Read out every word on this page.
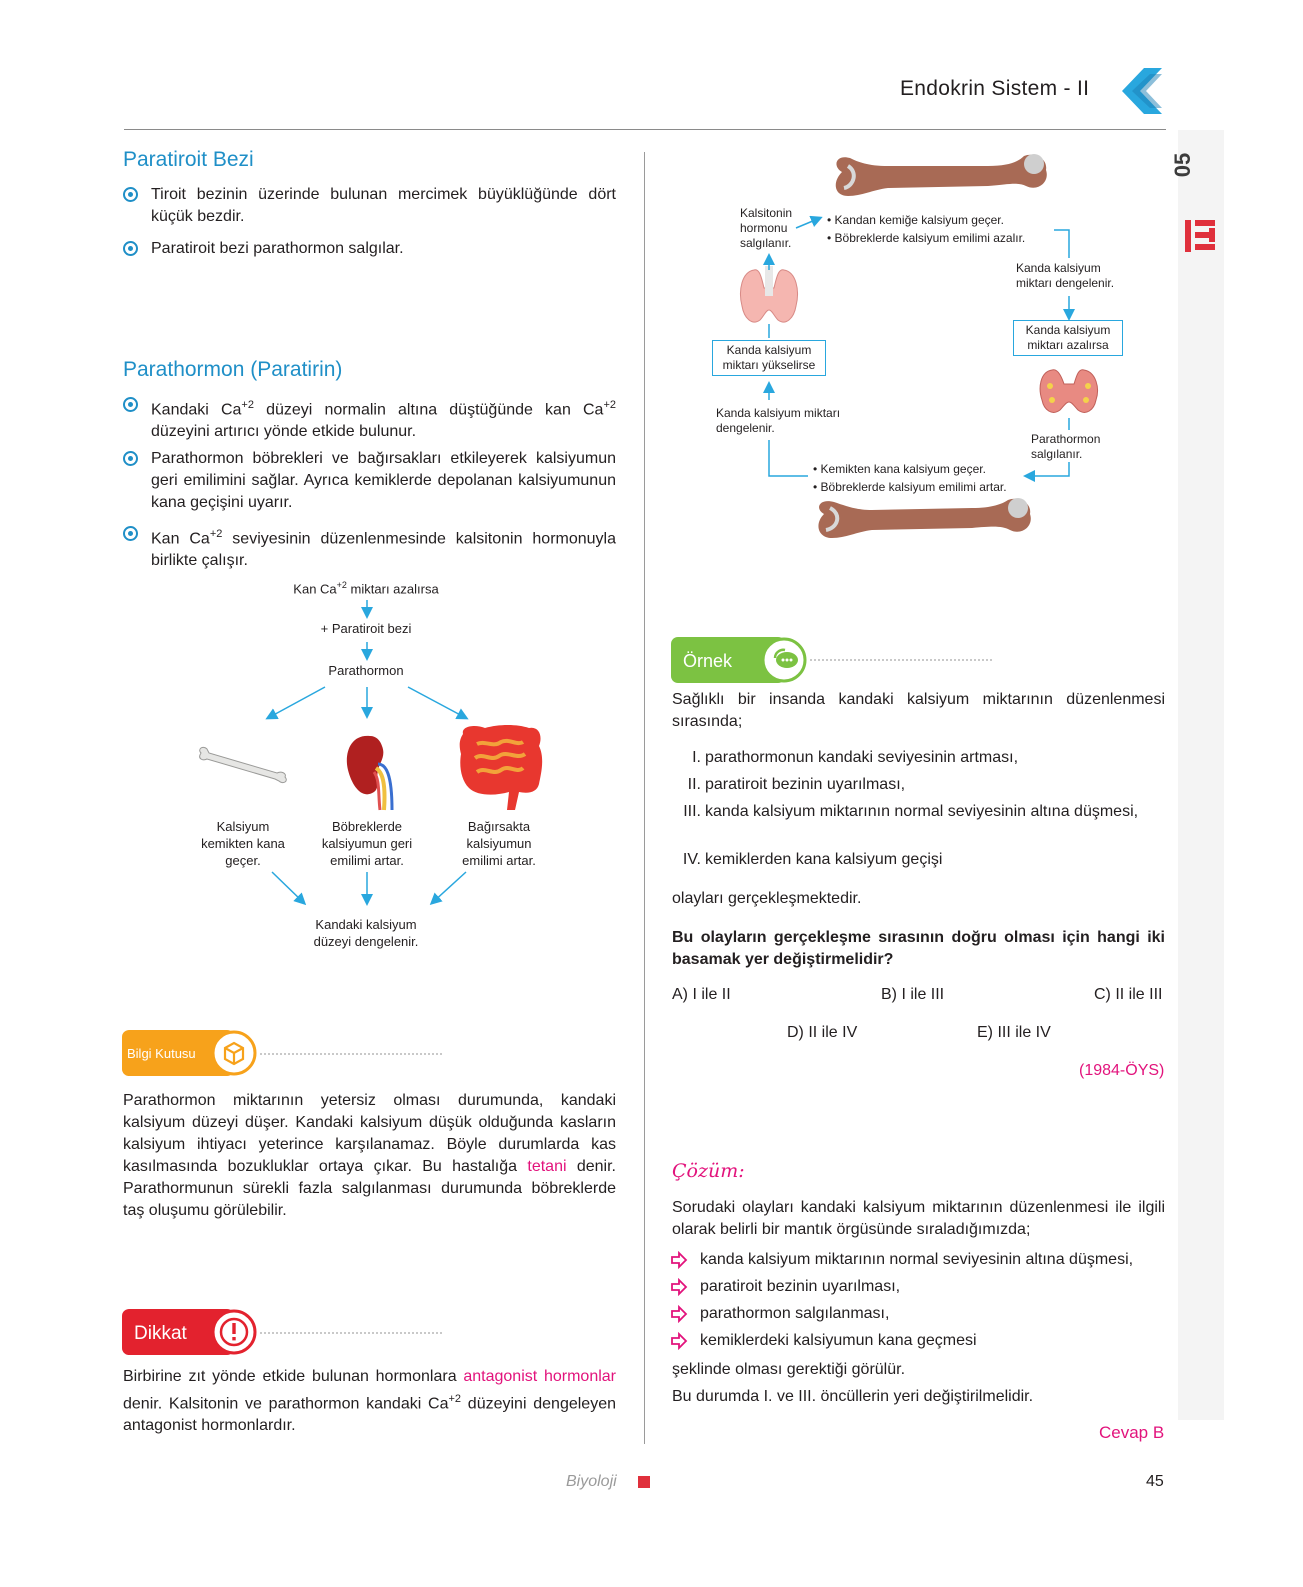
Endokrin Sistem - II
05
Paratiroit Bezi
Tiroit bezinin üzerinde bulunan mercimek büyüklüğünde dört küçük bezdir.
Paratiroit bezi parathormon salgılar.
Parathormon (Paratirin)
Kandaki $Ca^{+2}$ düzeyi normalin altına düştüğünde kan $Ca^{+2}$ düzeyini artırıcı yönde etkide bulunur.
Parathormon böbrekleri ve bağırsakları etkileyerek kalsiyumun geri emilimini sağlar. Ayrıca kemiklerde depolanan kalsiyumunun kana geçişini uyarır.
Kan $Ca^{+2}$ seviyesinin düzenlenmesinde kalsitonin hormonuyla birlikte çalışır.
Kan $Ca^{+2}$ miktarı azalırsa
+ Paratiroit bezi
Parathormon
Kalsiyum kemikten kana geçer.
Böbreklerde kalsiyumun geri emilimi artar.
Bağırsakta kalsiyumun emilimi artar.
Kandaki kalsiyum düzeyi dengelenir.
Bilgi Kutusu
Parathormon miktarının yetersiz olması durumunda, kandaki kalsiyum düzeyi düşer. Kandaki kalsiyum düşük olduğunda kasların kalsiyum ihtiyacı yeterince karşılanamaz. Böyle durumlarda kas kasılmasında bozukluklar ortaya çıkar. Bu hastalığa tetani denir. Parathormunun sürekli fazla salgılanması durumunda böbreklerde taş oluşumu görülebilir.
Dikkat
Birbirine zıt yönde etkide bulunan hormonlara antagonist hormonlar denir. Kalsitonin ve parathormon kandaki $Ca^{+2}$ düzeyini dengeleyen antagonist hormonlardır.
Kalsitonin hormonu salgılanır.
• Kandan kemiğe kalsiyum geçer.
• Böbreklerde kalsiyum emilimi azalır.
Kanda kalsiyum miktarı dengelenir.
Kanda kalsiyum miktarı azalırsa
Kanda kalsiyum miktarı yükselirse
Kanda kalsiyum miktarı dengelenir.
Parathormon salgılanır.
• Kemikten kana kalsiyum geçer.
• Böbreklerde kalsiyum emilimi artar.
Örnek
Sağlıklı bir insanda kandaki kalsiyum miktarının düzenlenmesi sırasında;
I. parathormonun kandaki seviyesinin artması,
II. paratiroit bezinin uyarılması,
III. kanda kalsiyum miktarının normal seviyesinin altına düşmesi,
IV. kemiklerden kana kalsiyum geçişi
olayları gerçekleşmektedir.
Bu olayların gerçekleşme sırasının doğru olması için hangi iki basamak yer değiştirmelidir?
A) I ile II	B) I ile III	C) II ile III
D) II ile IV	E) III ile IV
(1984-ÖYS)
Çözüm:
Sorudaki olayları kandaki kalsiyum miktarının düzenlenmesi ile ilgili olarak belirli bir mantık örgüsünde sıraladığımızda;
kanda kalsiyum miktarının normal seviyesinin altına düşmesi,
paratiroit bezinin uyarılması,
parathormon salgılanması,
kemiklerdeki kalsiyumun kana geçmesi
şeklinde olması gerektiği görülür.
Bu durumda I. ve III. öncüllerin yeri değiştirilmelidir.
Cevap B
Biyoloji	45
